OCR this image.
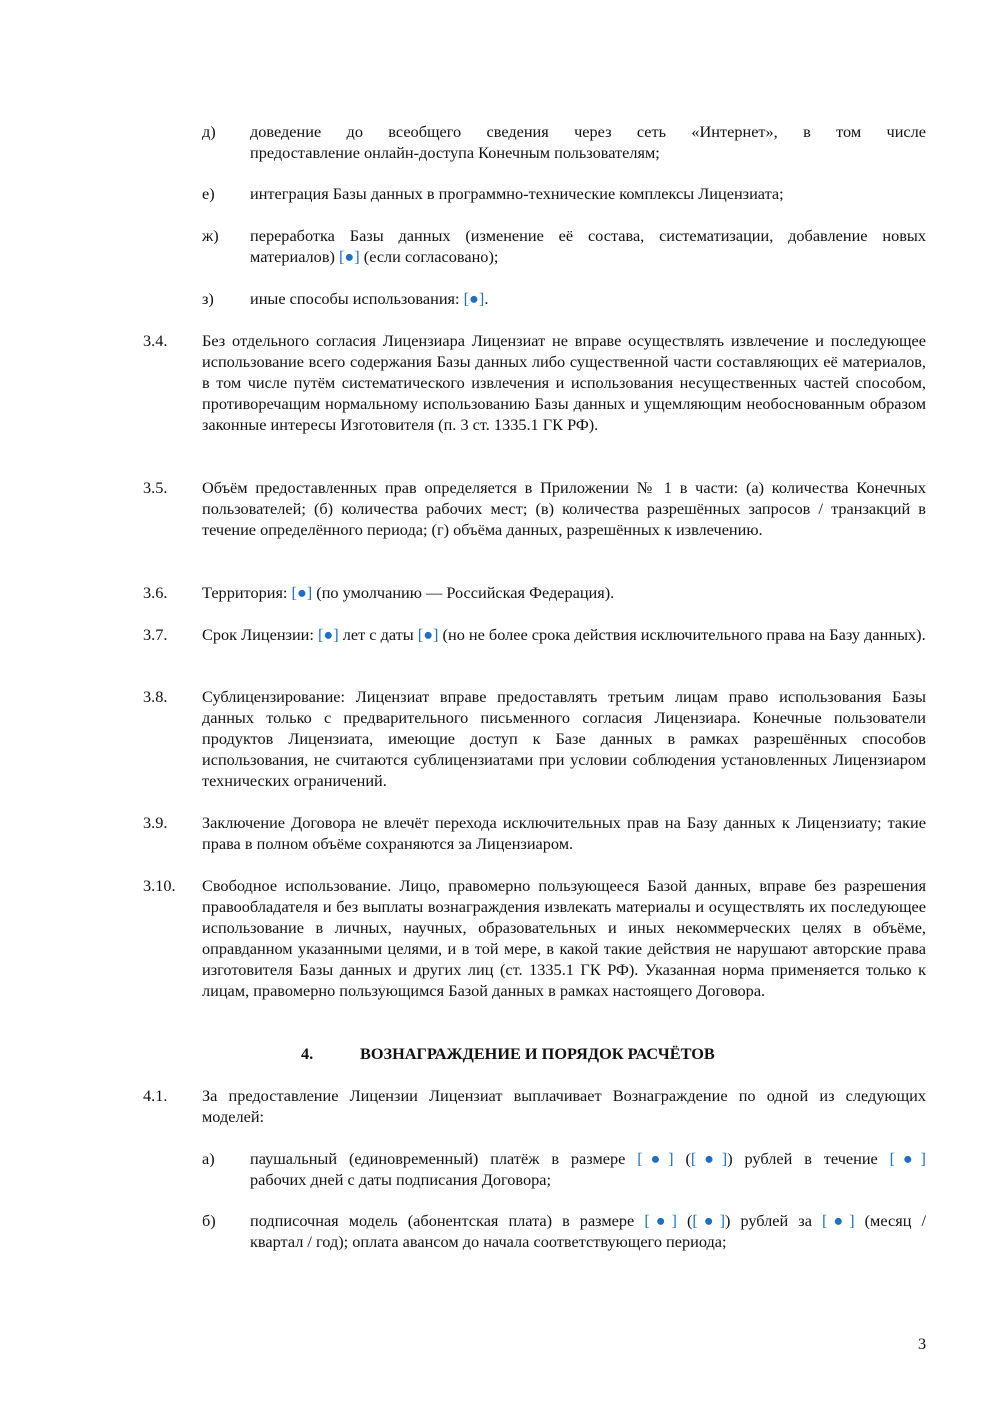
д) доведение до всеобщего сведения через сеть «Интернет», в том числе
предоставление онлайн-доступа Конечным пользователям;
е) интеграция Базы данных в программно-технические комплексы Лицензиата;
ж) переработка Базы данных (изменение её состава, систематизации, добавление новых
материалов) [●] (если согласовано);
з) иные способы использования: [●].
3.4. Без отдельного согласия Лицензиара Лицензиат не вправе осуществлять извлечение и последующее использование всего содержания Базы данных либо существенной части составляющих её материалов, в том числе путём систематического извлечения и использования несущественных частей способом, противоречащим нормальному использованию Базы данных и ущемляющим необоснованным образом законные интересы Изготовителя (п. 3 ст. 1335.1 ГК РФ).
3.5. Объём предоставленных прав определяется в Приложении № 1 в части: (а) количества Конечных пользователей; (б) количества рабочих мест; (в) количества разрешённых запросов / транзакций в течение определённого периода; (г) объёма данных, разрешённых к извлечению.
3.6. Территория: [●] (по умолчанию — Российская Федерация).
3.7. Срок Лицензии: [●] лет с даты [●] (но не более срока действия исключительного права на Базу данных).
3.8. Сублицензирование: Лицензиат вправе предоставлять третьим лицам право использования Базы данных только с предварительного письменного согласия Лицензиара. Конечные пользователи продуктов Лицензиата, имеющие доступ к Базе данных в рамках разрешённых способов использования, не считаются сублицензиатами при условии соблюдения установленных Лицензиаром технических ограничений.
3.9. Заключение Договора не влечёт перехода исключительных прав на Базу данных к Лицензиату; такие права в полном объёме сохраняются за Лицензиаром.
3.10. Свободное использование. Лицо, правомерно пользующееся Базой данных, вправе без разрешения правообладателя и без выплаты вознаграждения извлекать материалы и осуществлять их последующее использование в личных, научных, образовательных и иных некоммерческих целях в объёме, оправданном указанными целями, и в той мере, в какой такие действия не нарушают авторские права изготовителя Базы данных и других лиц (ст. 1335.1 ГК РФ). Указанная норма применяется только к лицам, правомерно пользующимся Базой данных в рамках настоящего Договора.
4.	ВОЗНАГРАЖДЕНИЕ И ПОРЯДОК РАСЧЁТОВ
4.1. За предоставление Лицензии Лицензиат выплачивает Вознаграждение по одной из следующих моделей:
а) паушальный (единовременный) платёж в размере [●] ([●]) рублей в течение [●]
рабочих дней с даты подписания Договора;
б) подписочная модель (абонентская плата) в размере [●] ([●]) рублей за [●] (месяц /
квартал / год); оплата авансом до начала соответствующего периода;
3
